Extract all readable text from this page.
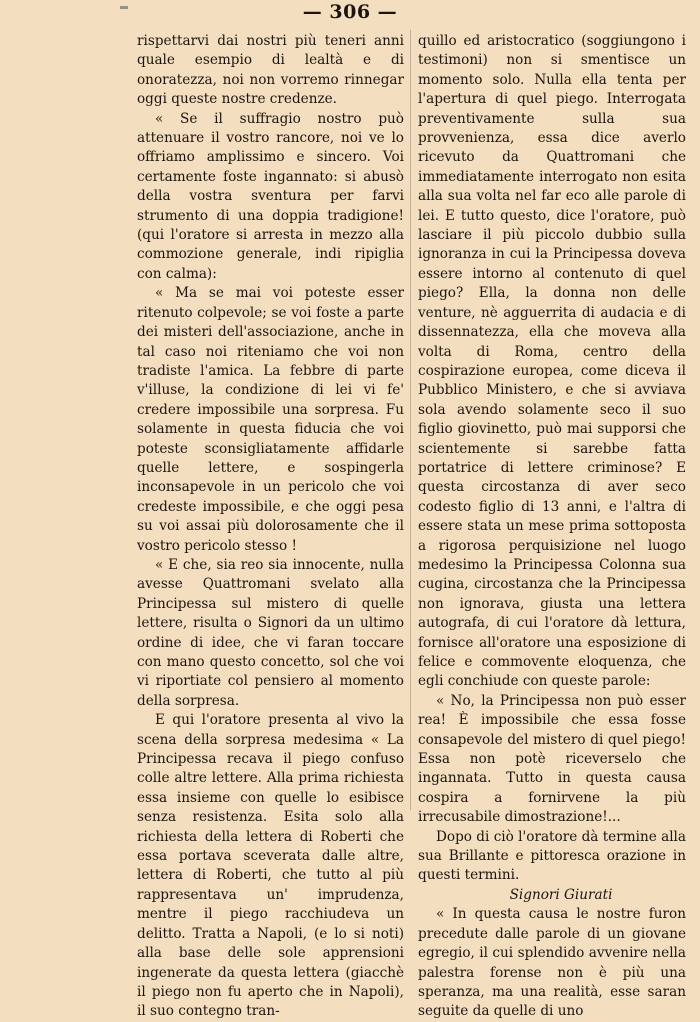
— 306 —

rispettarvi dai nostri più teneri anni quale esempio di lealtà e di onoratezza, noi non vorremo rinnegar oggi queste nostre credenze.

« Se il suffragio nostro può attenuare il vostro rancore, noi ve lo offriamo amplissimo e sincero. Voi certamente foste ingannato: si abusò della vostra sventura per farvi strumento di una doppia tradigione! (qui l'oratore si arresta in mezzo alla commozione generale, indi ripiglia con calma):

« Ma se mai voi poteste esser ritenuto colpevole; se voi foste a parte dei misteri dell'associazione, anche in tal caso noi riteniamo che voi non tradiste l'amica. La febbre di parte v'illuse, la condizione di lei vi fe' credere impossibile una sorpresa. Fu solamente in questa fiducia che voi poteste sconsigliatamente affidarle quelle lettere, e sospingerla inconsapevole in un pericolo che voi credeste impossibile, e che oggi pesa su voi assai più dolorosamente che il vostro pericolo stesso !

« E che, sia reo sia innocente, nulla avesse Quattromani svelato alla Principessa sul mistero di quelle lettere, risulta o Signori da un ultimo ordine di idee, che vi faran toccare con mano questo concetto, sol che voi vi riportiate col pensiero al momento della sorpresa.

E qui l'oratore presenta al vivo la scena della sorpresa medesima « La Principessa recava il piego confuso colle altre lettere. Alla prima richiesta essa insieme con quelle lo esibisce senza resistenza. Esita solo alla richiesta della lettera di Roberti che essa portava sceverata dalle altre, lettera di Roberti, che tutto al più rappresentava un' imprudenza, mentre il piego racchiudeva un delitto. Tratta a Napoli, (e lo si noti) alla base delle sole apprensioni ingenerate da questa lettera (giacchè il piego non fu aperto che in Napoli), il suo contegno tran-

quillo ed aristocratico (soggiungono i testimoni) non si smentisce un momento solo. Nulla ella tenta per l'apertura di quel piego. Interrogata preventivamente sulla sua provvenienza, essa dice averlo ricevuto da Quattromani che immediatamente interrogato non esita alla sua volta nel far eco alle parole di lei. E tutto questo, dice l'oratore, può lasciare il più piccolo dubbio sulla ignoranza in cui la Principessa doveva essere intorno al contenuto di quel piego? Ella, la donna non delle venture, nè agguerrita di audacia e di dissennatezza, ella che moveva alla volta di Roma, centro della cospirazione europea, come diceva il Pubblico Ministero, e che si avviava sola avendo solamente seco il suo figlio giovinetto, può mai supporsi che scientemente si sarebbe fatta portatrice di lettere criminose? E questa circostanza di aver seco codesto figlio di 13 anni, e l'altra di essere stata un mese prima sottoposta a rigorosa perquisizione nel luogo medesimo la Principessa Colonna sua cugina, circostanza che la Principessa non ignorava, giusta una lettera autografa, di cui l'oratore dà lettura, fornisce all'oratore una esposizione di felice e commovente eloquenza, che egli conchiude con queste parole:

« No, la Principessa non può esser rea! È impossibile che essa fosse consapevole del mistero di quel piego! Essa non potè riceverselo che ingannata. Tutto in questa causa cospira a fornirvene la più irrecusabile dimostrazione!...

Dopo di ciò l'oratore dà termine alla sua Brillante e pittoresca orazione in questi termini.

Signori Giurati

« In questa causa le nostre furon precedute dalle parole di un giovane egregio, il cui splendido avvenire nella palestra forense non è più una speranza, ma una realità, esse saran seguite da quelle di uno
